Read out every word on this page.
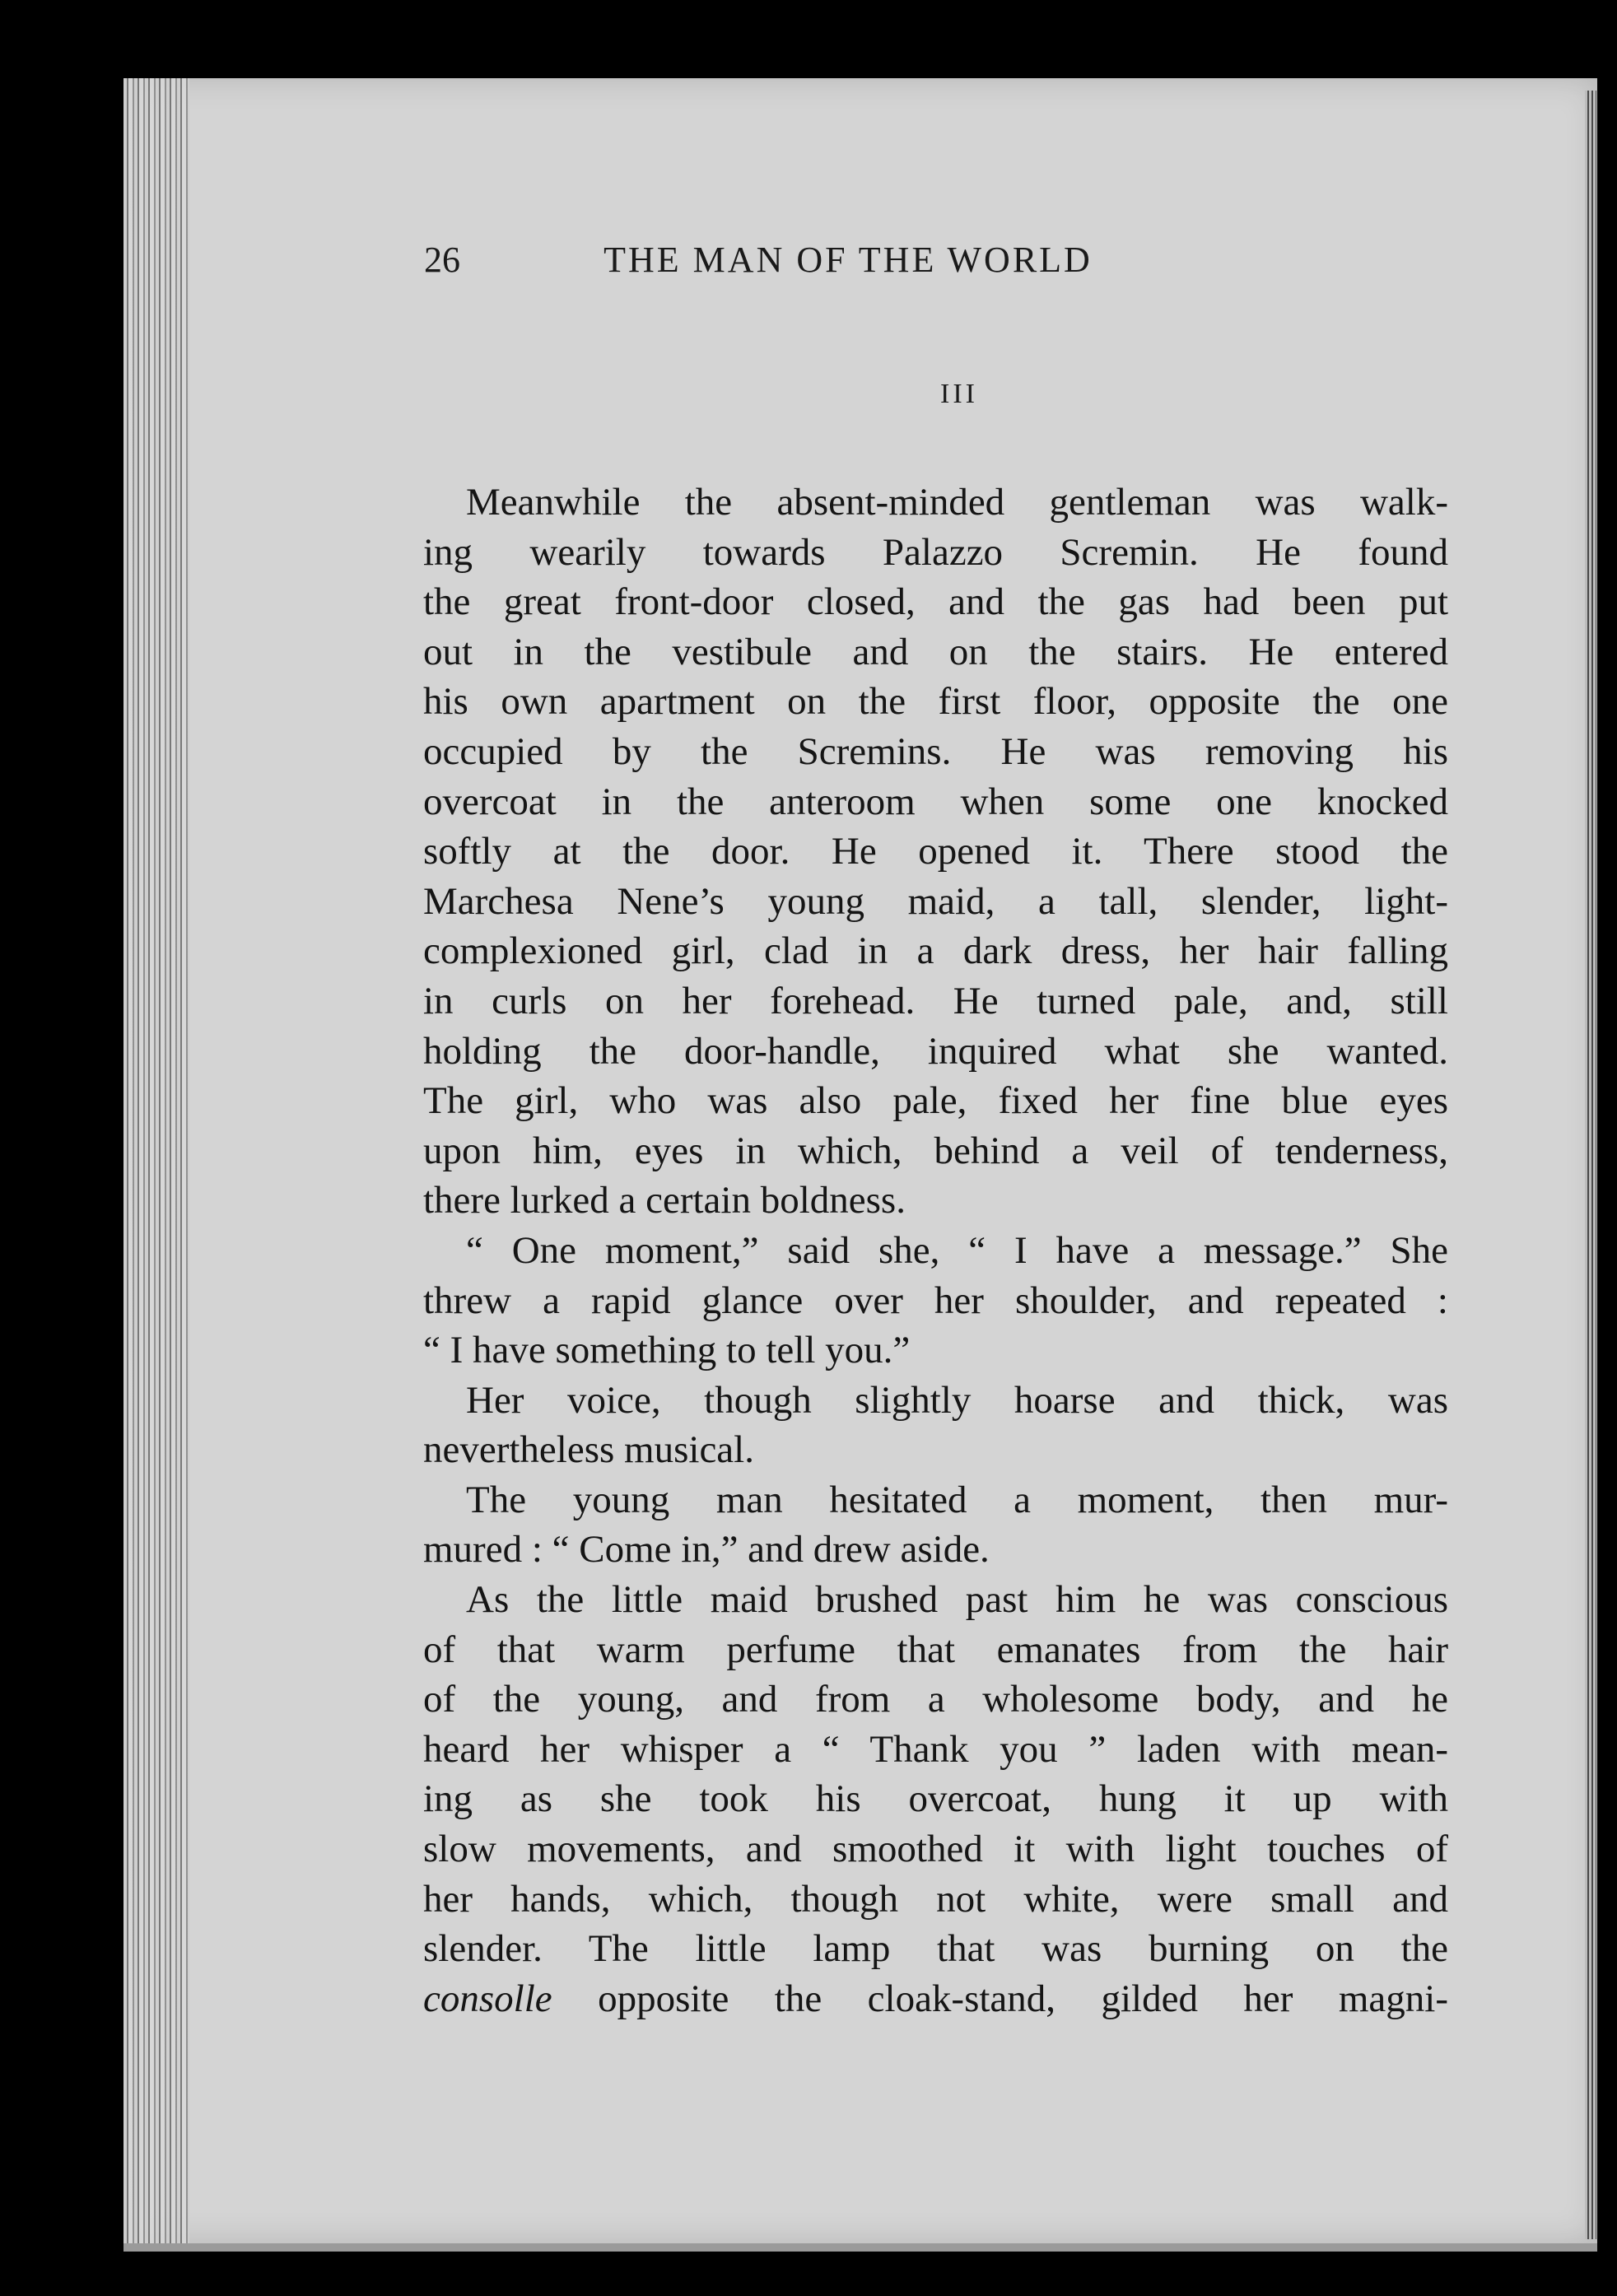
26	THE MAN OF THE WORLD
III
Meanwhile the absent-minded gentleman was walk-
ing wearily towards Palazzo Scremin. He found
the great front-door closed, and the gas had been put
out in the vestibule and on the stairs. He entered
his own apartment on the first floor, opposite the one
occupied by the Scremins. He was removing his
overcoat in the anteroom when some one knocked
softly at the door. He opened it. There stood the
Marchesa Nene’s young maid, a tall, slender, light-
complexioned girl, clad in a dark dress, her hair falling
in curls on her forehead. He turned pale, and, still
holding the door-handle, inquired what she wanted.
The girl, who was also pale, fixed her fine blue eyes
upon him, eyes in which, behind a veil of tenderness,
there lurked a certain boldness.
“ One moment,” said she, “ I have a message.” She
threw a rapid glance over her shoulder, and repeated :
“ I have something to tell you.”
Her voice, though slightly hoarse and thick, was
nevertheless musical.
The young man hesitated a moment, then mur-
mured : “ Come in,” and drew aside.
As the little maid brushed past him he was conscious
of that warm perfume that emanates from the hair
of the young, and from a wholesome body, and he
heard her whisper a “ Thank you ” laden with mean-
ing as she took his overcoat, hung it up with
slow movements, and smoothed it with light touches of
her hands, which, though not white, were small and
slender. The little lamp that was burning on the
consolle opposite the cloak-stand, gilded her magni-
